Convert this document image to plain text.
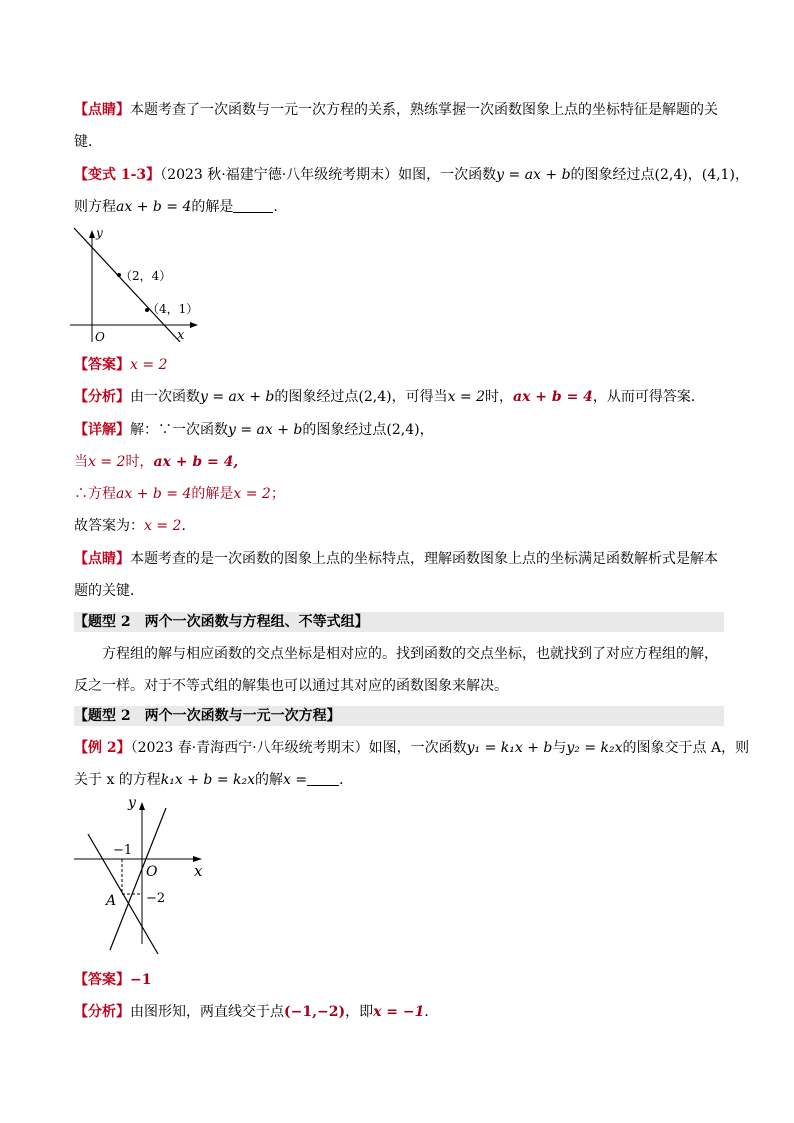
【点睛】本题考查了一次函数与一元一次方程的关系，熟练掌握一次函数图象上点的坐标特征是解题的关
键．
【变式 1-3】（2023 秋·福建宁德·八年级统考期末）如图，一次函数y = ax + b的图象经过点(2,4)，(4,1)，
则方程ax + b = 4的解是	．
y
x
O
（2，4）
（4，1）
【答案】x = 2
【分析】由一次函数y = ax + b的图象经过点(2,4)，可得当x = 2时，ax + b = 4，从而可得答案．
【详解】解：∵一次函数y = ax + b的图象经过点(2,4)，
当x = 2时，ax + b = 4,
∴方程ax + b = 4的解是x = 2；
故答案为：x = 2．
【点睛】本题考查的是一次函数的图象上点的坐标特点，理解函数图象上点的坐标满足函数解析式是解本
题的关键．
【题型 2　两个一次函数与方程组、不等式组】
方程组的解与相应函数的交点坐标是相对应的。找到函数的交点坐标，也就找到了对应方程组的解，
反之一样。对于不等式组的解集也可以通过其对应的函数图象来解决。
【题型 2　两个一次函数与一元一次方程】
【例 2】（2023 春·青海西宁·八年级统考期末）如图，一次函数y₁ = k₁x + b与y₂ = k₂x的图象交于点 A，则
关于 x 的方程k₁x + b = k₂x的解x = ．
y
x
O
−1
−2
A
【答案】−1
【分析】由图形知，两直线交于点(−1,−2)，即x = −1．
